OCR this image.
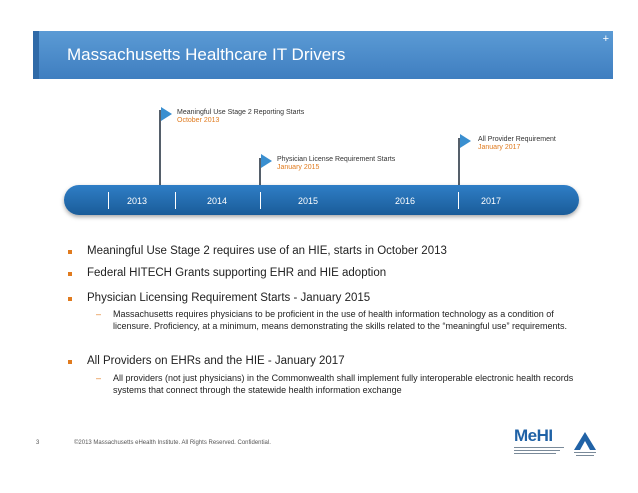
Massachusetts Healthcare IT Drivers
+
Meaningful Use Stage 2 Reporting Starts
October 2013
Physician License Requirement Starts
January 2015
All Provider Requirement
January 2017
2013	2014	2015	2016	2017
Meaningful Use Stage 2 requires use of an HIE, starts in October 2013
Federal HITECH Grants supporting EHR and HIE adoption
Physician Licensing Requirement Starts - January 2015
– Massachusetts requires physicians to be proficient in the use of health information technology as a condition of licensure. Proficiency, at a minimum, means demonstrating the skills related to the “meaningful use” requirements.
All Providers on EHRs and the HIE - January 2017
– All providers (not just physicians) in the Commonwealth shall implement fully interoperable electronic health records systems that connect through the statewide health information exchange
3	©2013 Massachusetts eHealth Institute. All Rights Reserved. Confidential.	MeHI
